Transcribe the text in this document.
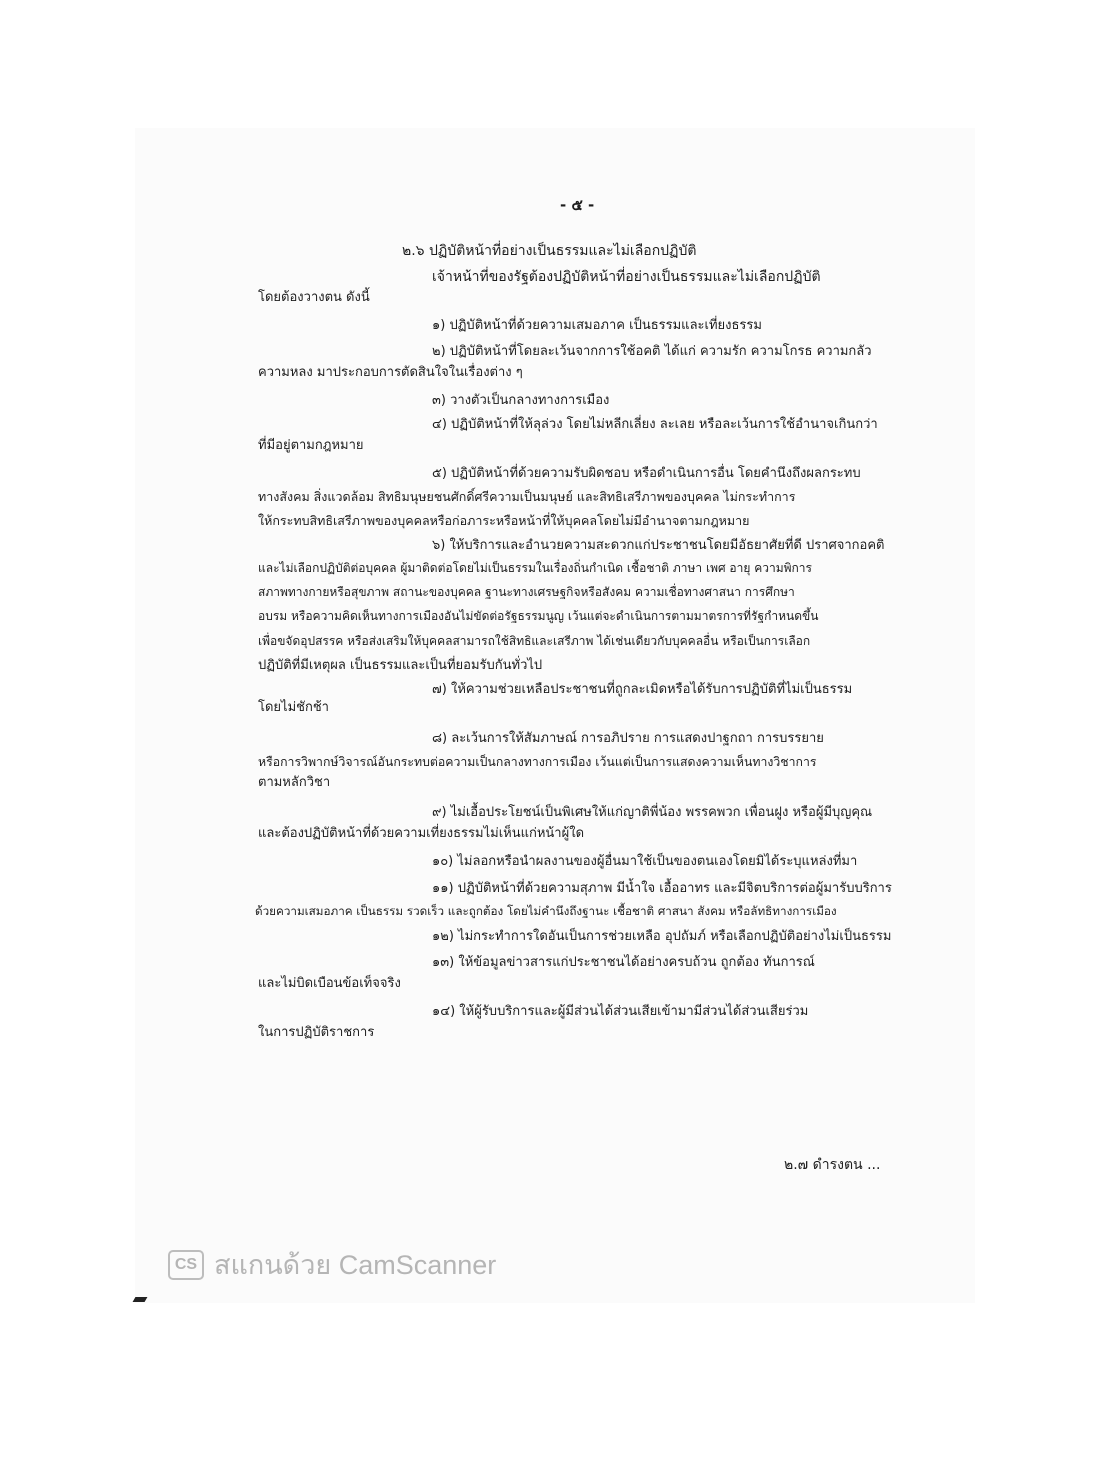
- ๕ -
๒.๖ ปฏิบัติหน้าที่อย่างเป็นธรรมและไม่เลือกปฏิบัติ
เจ้าหน้าที่ของรัฐต้องปฏิบัติหน้าที่อย่างเป็นธรรมและไม่เลือกปฏิบัติ
โดยต้องวางตน ดังนี้
๑) ปฏิบัติหน้าที่ด้วยความเสมอภาค เป็นธรรมและเที่ยงธรรม
๒) ปฏิบัติหน้าที่โดยละเว้นจากการใช้อคติ ได้แก่ ความรัก ความโกรธ ความกลัว
ความหลง มาประกอบการตัดสินใจในเรื่องต่าง ๆ
๓) วางตัวเป็นกลางทางการเมือง
๔) ปฏิบัติหน้าที่ให้ลุล่วง โดยไม่หลีกเลี่ยง ละเลย หรือละเว้นการใช้อำนาจเกินกว่า
ที่มีอยู่ตามกฎหมาย
๕) ปฏิบัติหน้าที่ด้วยความรับผิดชอบ หรือดำเนินการอื่น โดยคำนึงถึงผลกระทบ
ทางสังคม สิ่งแวดล้อม สิทธิมนุษยชนศักดิ์ศรีความเป็นมนุษย์ และสิทธิเสรีภาพของบุคคล ไม่กระทำการ
ให้กระทบสิทธิเสรีภาพของบุคคลหรือก่อภาระหรือหน้าที่ให้บุคคลโดยไม่มีอำนาจตามกฎหมาย
๖) ให้บริการและอำนวยความสะดวกแก่ประชาชนโดยมีอัธยาศัยที่ดี ปราศจากอคติ
และไม่เลือกปฏิบัติต่อบุคคล ผู้มาติดต่อโดยไม่เป็นธรรมในเรื่องถิ่นกำเนิด เชื้อชาติ ภาษา เพศ อายุ ความพิการ
สภาพทางกายหรือสุขภาพ สถานะของบุคคล ฐานะทางเศรษฐกิจหรือสังคม ความเชื่อทางศาสนา การศึกษา
อบรม หรือความคิดเห็นทางการเมืองอันไม่ขัดต่อรัฐธรรมนูญ เว้นแต่จะดำเนินการตามมาตรการที่รัฐกำหนดขึ้น
เพื่อขจัดอุปสรรค หรือส่งเสริมให้บุคคลสามารถใช้สิทธิและเสรีภาพ ได้เช่นเดียวกับบุคคลอื่น หรือเป็นการเลือก
ปฏิบัติที่มีเหตุผล เป็นธรรมและเป็นที่ยอมรับกันทั่วไป
๗) ให้ความช่วยเหลือประชาชนที่ถูกละเมิดหรือได้รับการปฏิบัติที่ไม่เป็นธรรม
โดยไม่ชักช้า
๘) ละเว้นการให้สัมภาษณ์ การอภิปราย การแสดงปาฐกถา การบรรยาย
หรือการวิพากษ์วิจารณ์อันกระทบต่อความเป็นกลางทางการเมือง เว้นแต่เป็นการแสดงความเห็นทางวิชาการ
ตามหลักวิชา
๙) ไม่เอื้อประโยชน์เป็นพิเศษให้แก่ญาติพี่น้อง พรรคพวก เพื่อนฝูง หรือผู้มีบุญคุณ
และต้องปฏิบัติหน้าที่ด้วยความเที่ยงธรรมไม่เห็นแก่หน้าผู้ใด
๑๐) ไม่ลอกหรือนำผลงานของผู้อื่นมาใช้เป็นของตนเองโดยมิได้ระบุแหล่งที่มา
๑๑) ปฏิบัติหน้าที่ด้วยความสุภาพ มีน้ำใจ เอื้ออาทร และมีจิตบริการต่อผู้มารับบริการ
ด้วยความเสมอภาค เป็นธรรม รวดเร็ว และถูกต้อง โดยไม่คำนึงถึงฐานะ เชื้อชาติ ศาสนา สังคม หรือลัทธิทางการเมือง
๑๒) ไม่กระทำการใดอันเป็นการช่วยเหลือ อุปถัมภ์ หรือเลือกปฏิบัติอย่างไม่เป็นธรรม
๑๓) ให้ข้อมูลข่าวสารแก่ประชาชนได้อย่างครบถ้วน ถูกต้อง ทันการณ์
และไม่บิดเบือนข้อเท็จจริง
๑๔) ให้ผู้รับบริการและผู้มีส่วนได้ส่วนเสียเข้ามามีส่วนได้ส่วนเสียร่วม
ในการปฏิบัติราชการ
๒.๗ ดำรงตน ...
CS สแกนด้วย CamScanner
